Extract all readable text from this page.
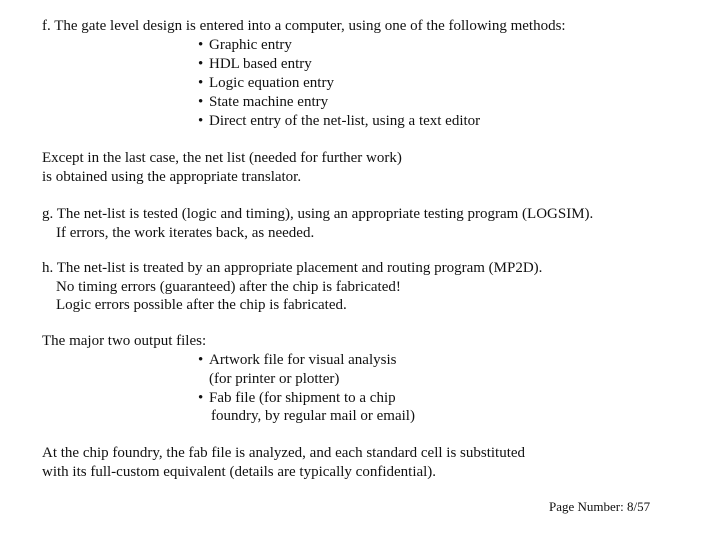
f. The gate level design is entered into a computer, using one of the following methods:
• Graphic entry
• HDL based entry
• Logic equation entry
• State machine entry
• Direct entry of the net-list, using a text editor
Except in the last case, the net list (needed for further work)
is obtained using the appropriate translator.
g. The net-list is tested (logic and timing), using an appropriate testing program (LOGSIM).
If errors, the work iterates back, as needed.
h. The net-list is treated by an appropriate placement and routing program (MP2D).
No timing errors (guaranteed) after the chip is fabricated!
Logic errors possible after the chip is fabricated.
The major two output files:
• Artwork file for visual analysis
(for printer or plotter)
• Fab file (for shipment to a chip
foundry, by regular mail or email)
At the chip foundry, the fab file is analyzed, and each standard cell is substituted
with its full-custom equivalent (details are typically confidential).
Page Number: 8/57
